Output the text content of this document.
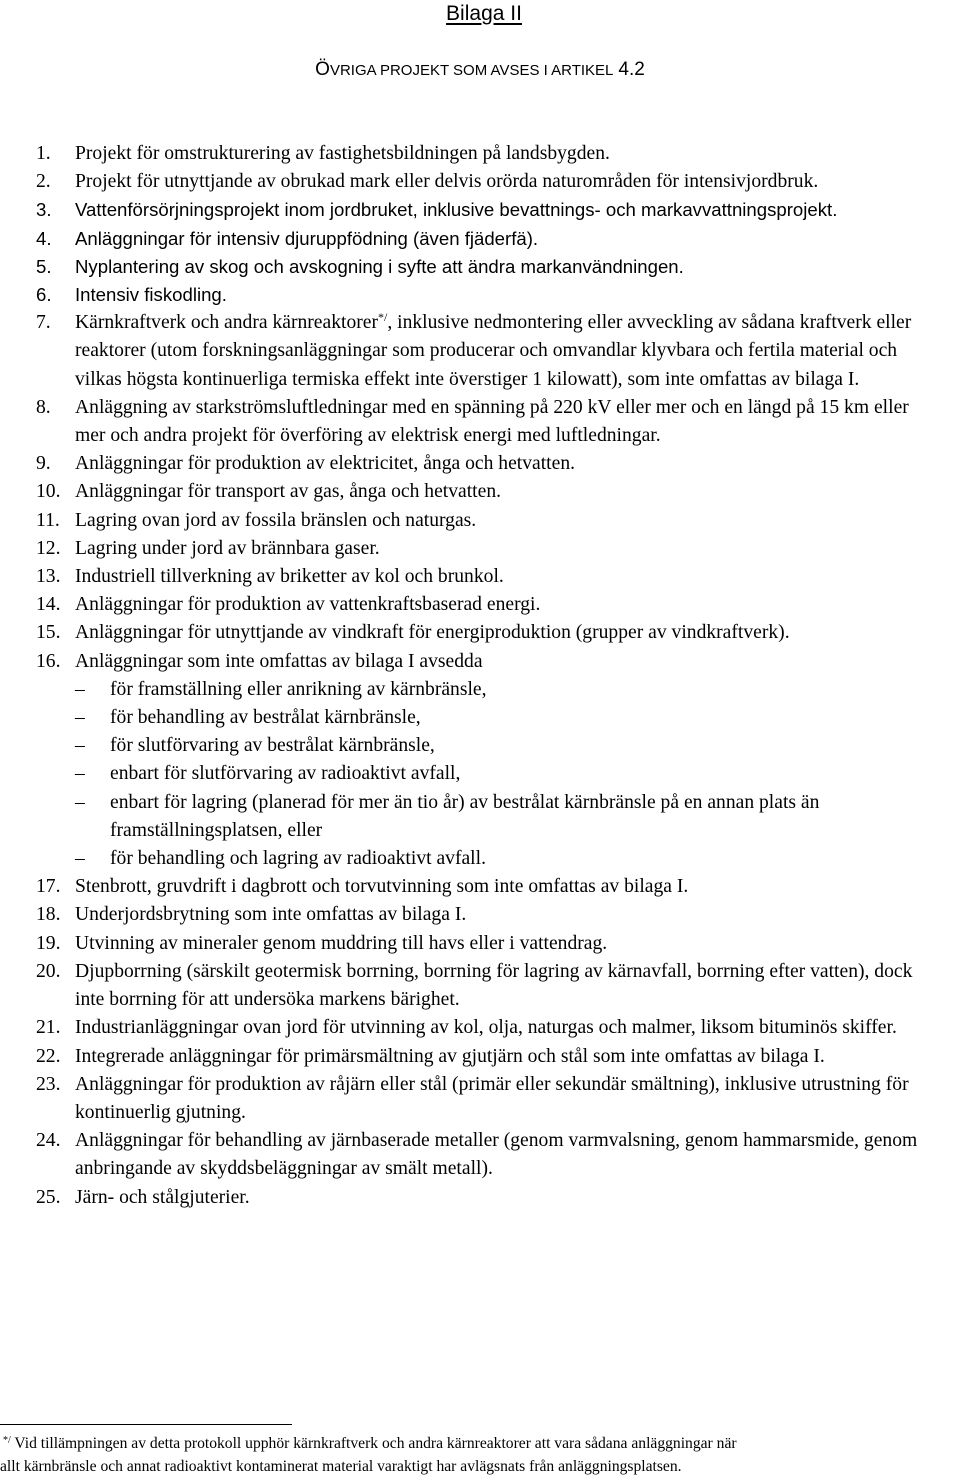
Bilaga II
ÖVRIGA PROJEKT SOM AVSES I ARTIKEL 4.2
1. Projekt för omstrukturering av fastighetsbildningen på landsbygden.
2. Projekt för utnyttjande av obrukad mark eller delvis orörda naturområden för intensivjordbruk.
3. Vattenförsörjningsprojekt inom jordbruket, inklusive bevattnings- och markavvattningsprojekt.
4. Anläggningar för intensiv djuruppfödning (även fjäderfä).
5. Nyplantering av skog och avskogning i syfte att ändra markanvändningen.
6. Intensiv fiskodling.
7. Kärnkraftverk och andra kärnreaktorer*/, inklusive nedmontering eller avveckling av sådana kraftverk eller reaktorer (utom forskningsanläggningar som producerar och omvandlar klyvbara och fertila material och vilkas högsta kontinuerliga termiska effekt inte överstiger 1 kilowatt), som inte omfattas av bilaga I.
8. Anläggning av starkströmsluftledningar med en spänning på 220 kV eller mer och en längd på 15 km eller mer och andra projekt för överföring av elektrisk energi med luftledningar.
9. Anläggningar för produktion av elektricitet, ånga och hetvatten.
10. Anläggningar för transport av gas, ånga och hetvatten.
11. Lagring ovan jord av fossila bränslen och naturgas.
12. Lagring under jord av brännbara gaser.
13. Industriell tillverkning av briketter av kol och brunkol.
14. Anläggningar för produktion av vattenkraftsbaserad energi.
15. Anläggningar för utnyttjande av vindkraft för energiproduktion (grupper av vindkraftverk).
16. Anläggningar som inte omfattas av bilaga I avsedda
– för framställning eller anrikning av kärnbränsle,
– för behandling av bestrålat kärnbränsle,
– för slutförvaring av bestrålat kärnbränsle,
– enbart för slutförvaring av radioaktivt avfall,
– enbart för lagring (planerad för mer än tio år) av bestrålat kärnbränsle på en annan plats än framställningsplatsen, eller
– för behandling och lagring av radioaktivt avfall.
17. Stenbrott, gruvdrift i dagbrott och torvutvinning som inte omfattas av bilaga I.
18. Underjordsbrytning som inte omfattas av bilaga I.
19. Utvinning av mineraler genom muddring till havs eller i vattendrag.
20. Djupborrning (särskilt geotermisk borrning, borrning för lagring av kärnavfall, borrning efter vatten), dock inte borrning för att undersöka markens bärighet.
21. Industrianläggningar ovan jord för utvinning av kol, olja, naturgas och malmer, liksom bituminös skiffer.
22. Integrerade anläggningar för primärsmältning av gjutjärn och stål som inte omfattas av bilaga I.
23. Anläggningar för produktion av råjärn eller stål (primär eller sekundär smältning), inklusive utrustning för kontinuerlig gjutning.
24. Anläggningar för behandling av järnbaserade metaller (genom varmvalsning, genom hammarsmide, genom anbringande av skyddsbeläggningar av smält metall).
25. Järn- och stålgjuterier.
*/ Vid tillämpningen av detta protokoll upphör kärnkraftverk och andra kärnreaktorer att vara sådana anläggningar när
allt kärnbränsle och annat radioaktivt kontaminerat material varaktigt har avlägsnats från anläggningsplatsen.
